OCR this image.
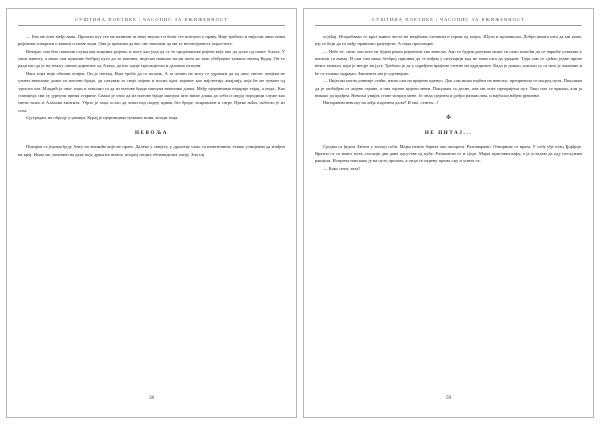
СУШТИНА ПОЕТИКЕ | ЧАСОПИС ЗА КЊИЖЕВНОСТ

— Ево ме опет међу вама. Прошли пут сте ме казнили за неку неуласт и били сте потпуно у праву. Није требало и нијесам овио оним ријечима говорити о вашем и моме хоџи. Она је прилика да вас све замолим да ми ту несмотреност опростите.

Вечерас сам био пажљив слушалац хоџиних ријечи, и могу као једа да су то пророчанске ријечи које као да доље од самог Алаха. У свом животу, а имао сам прилике безброј пута да то кончим, нијесам наишао на ни жота ко тако убеђљиво тумачи светац Курај. Он то ради као да је на земљу сишао директно од Алаха, да нас одије просвијетли и духовно испуни.

Наш хоџа није обичан човјек. Он је светац, Њих треба да се кољањ. А за лично не могу се удржати да од овог светог човјека не узмем неколике длаке из његове браде, да сачувам за своје лијеке и носио крог којивот као најсветију амајлију, која ће ме чувати од зделота зла. Младић је овог хоџи и замолио га да из његове браде ишчупа неколико длака. Међу ијерничима најприје тајац, а онда,. Као станиједа сви су јурнули према стариче. Сваки је хтио да из његове браде ишчупа што више длака да себи и својој породици служе као свети залис и Алахова заштита. Убрзо је хоџа остао да лежи над подну, крвав, без браде, искрављен и сатрт. Преко ноћи, побегао је из села.

Сјутрадан, на обреду у џамији, Курај је ијерницима тумачио нови, млади хоџа.

НЕВОЉА

Покајим се једном ђеду Анту на тешкоће које ме прате. Далеко у свијету, у друштву само са нематичнем, тешко усвијевам да изађем на крај. Имао ме, наломен на руке које држи на штапу, испред својих обневиделих очију. Зна тај

58
СУШТИНА ПОЕТИКЕ | ЧАСОПИС ЗА КЊИЖЕВНОСТ

осјећај. Испробавао се кроз живот често на недаћама сличним и горим од мојих. Шути и промишља. Добро књига шта да ми каже, јер се боји да га међу правилно разумјети. А онда проговори:

— Небе те, сине, ово што ти будем рекао ријешити тих невоља. Ако то будеш разумио може ти само помоћи да се чвршће ухватиш у коштац са њима. И сам сам имао безброј прилика да се нађем у ситуацији кад не знам шта да урадим. Тада сам се сјећао једне приче неког монаха, који је негдје на југу. Требало је да у одређено вријеме стигне на одредиште. Када је дошао, питали су га што је заказано и ће се толико задржао. Завштита им је одговорио:

— Нијесам могао ранније стићи, нашо сам на вријеме кренуо. Док сам ишао најбем на невољу: препречила се насред пута. Покушам да је заобиђем са лијеве стране, а она заузме цијели мени. Покушам са десне, она ми опет препријечи пут. Тако смо се вркали, али ја никако да прођем. Невоља увијек стане испред мене. Је онда сједнем и добро размислим, и најбољи нађем рјешење.

Напоравим невољу на леђа и кренем даље! И ево, стигох...!

✻
НЕ ПИТАЈ...

Сједим са ђедом Антом у топлој соби. Мајка нешто барата око шпорета. Разговарамо. Отворише се врата. У собу уђе отац Ђорђије. Вратио се са некот пута, послије два дана одсуства од куће. Раскомоти се и сједе. Мајка пристави кафу, а ја устадем да оду послужим ракијом. Исприча нам како је на путу прошао, а онда се окрену према оцу и упита га:

— Како сити, тата?

59
